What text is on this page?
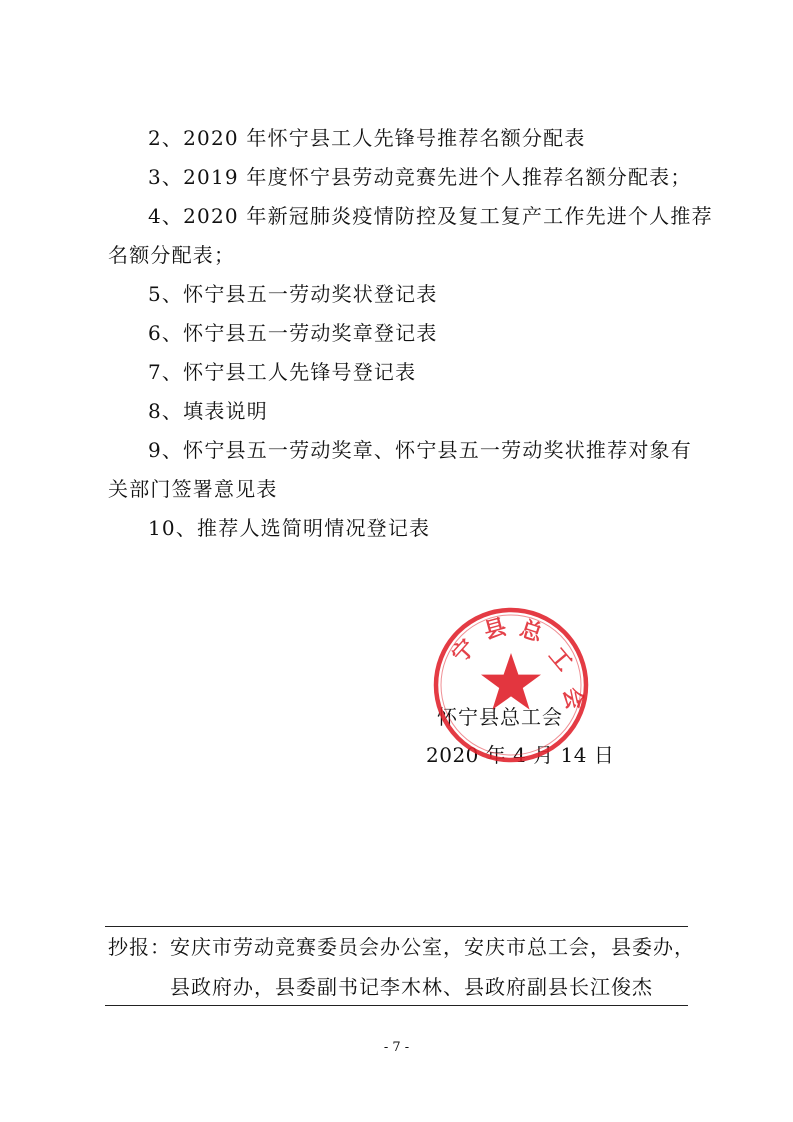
2、2020 年怀宁县工人先锋号推荐名额分配表
3、2019 年度怀宁县劳动竞赛先进个人推荐名额分配表；
4、2020 年新冠肺炎疫情防控及复工复产工作先进个人推荐
名额分配表；
5、怀宁县五一劳动奖状登记表
6、怀宁县五一劳动奖章登记表
7、怀宁县工人先锋号登记表
8、填表说明
9、怀宁县五一劳动奖章、怀宁县五一劳动奖状推荐对象有
关部门签署意见表
10、推荐人选简明情况登记表
怀宁县总工会
2020 年 4 月 14 日
宁
县 总
工
会
抄报： 安庆市劳动竞赛委员会办公室，安庆市总工会，县委办，
县政府办，县委副书记李木林、县政府副县长江俊杰
- 7 -
